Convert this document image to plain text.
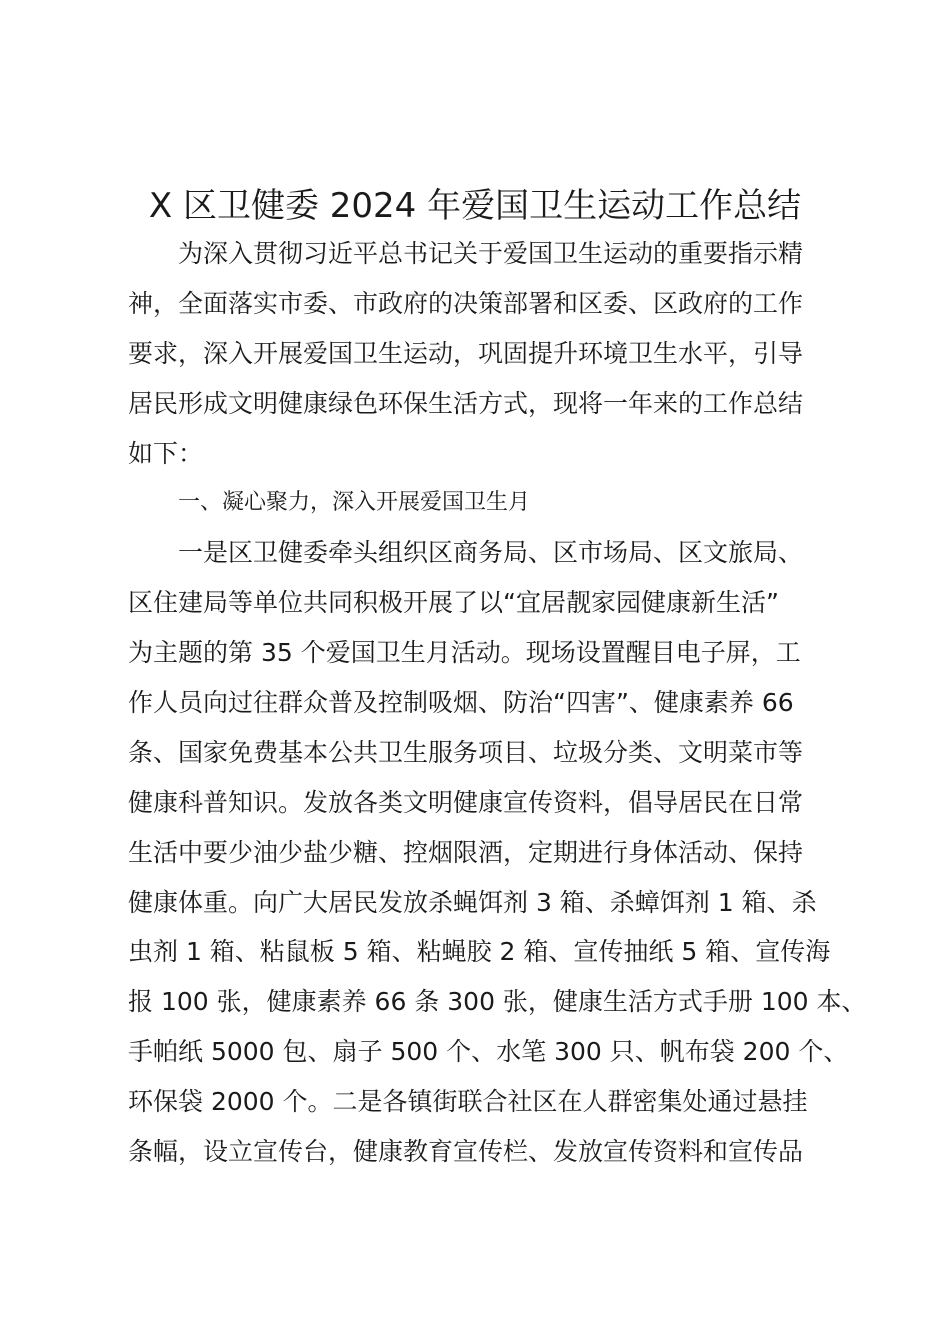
X 区卫健委 2024 年爱国卫生运动工作总结
为深入贯彻习近平总书记关于爱国卫生运动的重要指示精
神，全面落实市委、市政府的决策部署和区委、区政府的工作
要求，深入开展爱国卫生运动，巩固提升环境卫生水平，引导
居民形成文明健康绿色环保生活方式，现将一年来的工作总结
如下：
一、凝心聚力，深入开展爱国卫生月
一是区卫健委牵头组织区商务局、区市场局、区文旅局、
区住建局等单位共同积极开展了以“宜居靓家园健康新生活”
为主题的第 35 个爱国卫生月活动。现场设置醒目电子屏，工
作人员向过往群众普及控制吸烟、防治“四害”、健康素养 66
条、国家免费基本公共卫生服务项目、垃圾分类、文明菜市等
健康科普知识。发放各类文明健康宣传资料，倡导居民在日常
生活中要少油少盐少糖、控烟限酒，定期进行身体活动、保持
健康体重。向广大居民发放杀蝇饵剂 3 箱、杀蟑饵剂 1 箱、杀
虫剂 1 箱、粘鼠板 5 箱、粘蝇胶 2 箱、宣传抽纸 5 箱、宣传海
报 100 张，健康素养 66 条 300 张，健康生活方式手册 100 本、
手帕纸 5000 包、扇子 500 个、水笔 300 只、帆布袋 200 个、
环保袋 2000 个。二是各镇街联合社区在人群密集处通过悬挂
条幅，设立宣传台，健康教育宣传栏、发放宣传资料和宣传品
